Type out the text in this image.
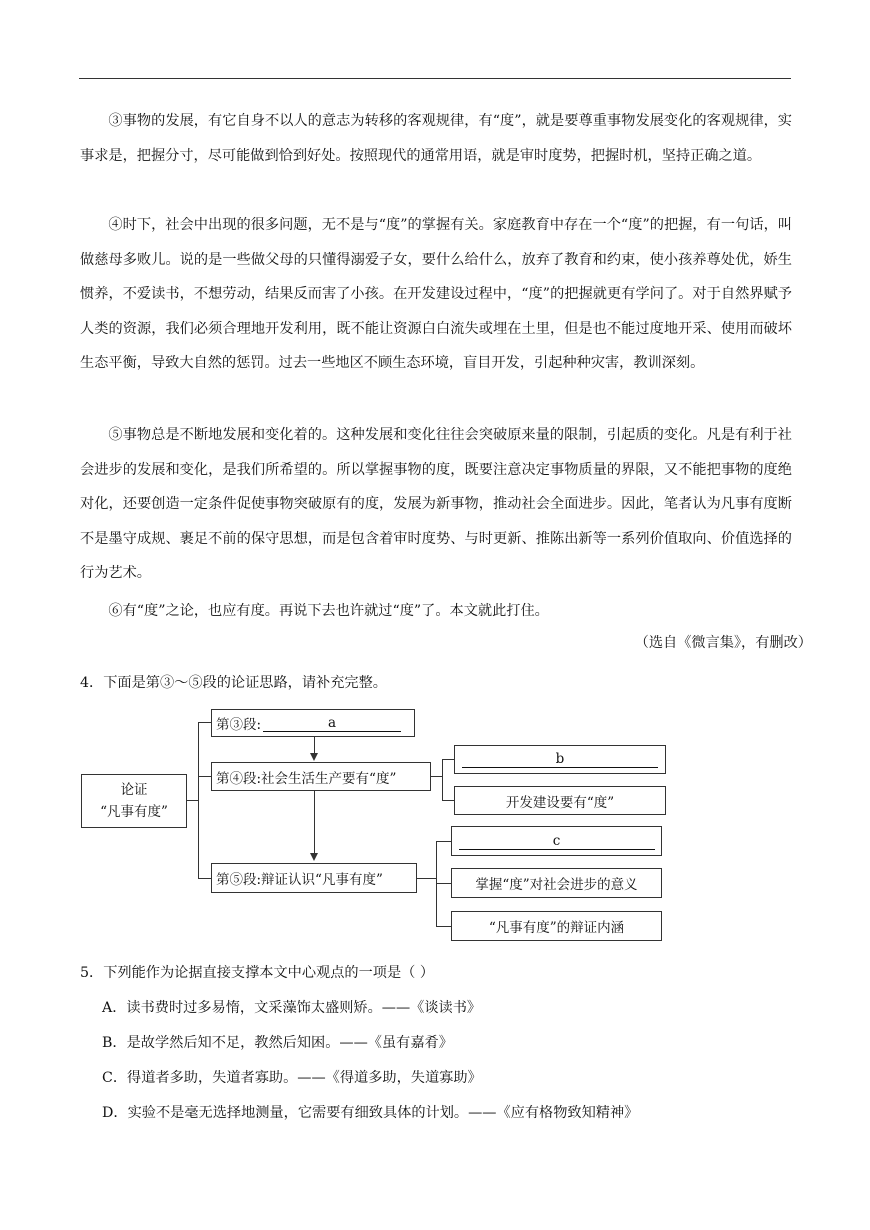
③事物的发展，有它自身不以人的意志为转移的客观规律，有“度”，就是要尊重事物发展变化的客观规律，实事求是，把握分寸，尽可能做到恰到好处。按照现代的通常用语，就是审时度势，把握时机，坚持正确之道。

④时下，社会中出现的很多问题，无不是与“度”的掌握有关。家庭教育中存在一个“度”的把握，有一句话，叫做慈母多败儿。说的是一些做父母的只懂得溺爱子女，要什么给什么，放弃了教育和约束，使小孩养尊处优，娇生惯养，不爱读书，不想劳动，结果反而害了小孩。在开发建设过程中，“度”的把握就更有学问了。对于自然界赋予人类的资源，我们必须合理地开发利用，既不能让资源白白流失或埋在土里，但是也不能过度地开采、使用而破坏生态平衡，导致大自然的惩罚。过去一些地区不顾生态环境，盲目开发，引起种种灾害，教训深刻。

⑤事物总是不断地发展和变化着的。这种发展和变化往往会突破原来量的限制，引起质的变化。凡是有利于社会进步的发展和变化，是我们所希望的。所以掌握事物的度，既要注意决定事物质量的界限，又不能把事物的度绝对化，还要创造一定条件促使事物突破原有的度，发展为新事物，推动社会全面进步。因此，笔者认为凡事有度断不是墨守成规、裹足不前的保守思想，而是包含着审时度势、与时更新、推陈出新等一系列价值取向、价值选择的行为艺术。

⑥有“度”之论，也应有度。再说下去也许就过“度”了。本文就此打住。

（选自《微言集》，有删改）

4．下面是第③～⑤段的论证思路，请补充完整。

论证
“凡事有度”
第③段:	a
第④段:社会生活生产要有“度”
b
开发建设要有“度”
第⑤段:辩证认识“凡事有度”
c
掌握“度”对社会进步的意义
“凡事有度”的辩证内涵

5．下列能作为论据直接支撑本文中心观点的一项是（ ）

A．读书费时过多易惰，文采藻饰太盛则矫。——《谈读书》

B．是故学然后知不足，教然后知困。——《虽有嘉肴》

C．得道者多助，失道者寡助。——《得道多助，失道寡助》

D．实验不是毫无选择地测量，它需要有细致具体的计划。——《应有格物致知精神》
